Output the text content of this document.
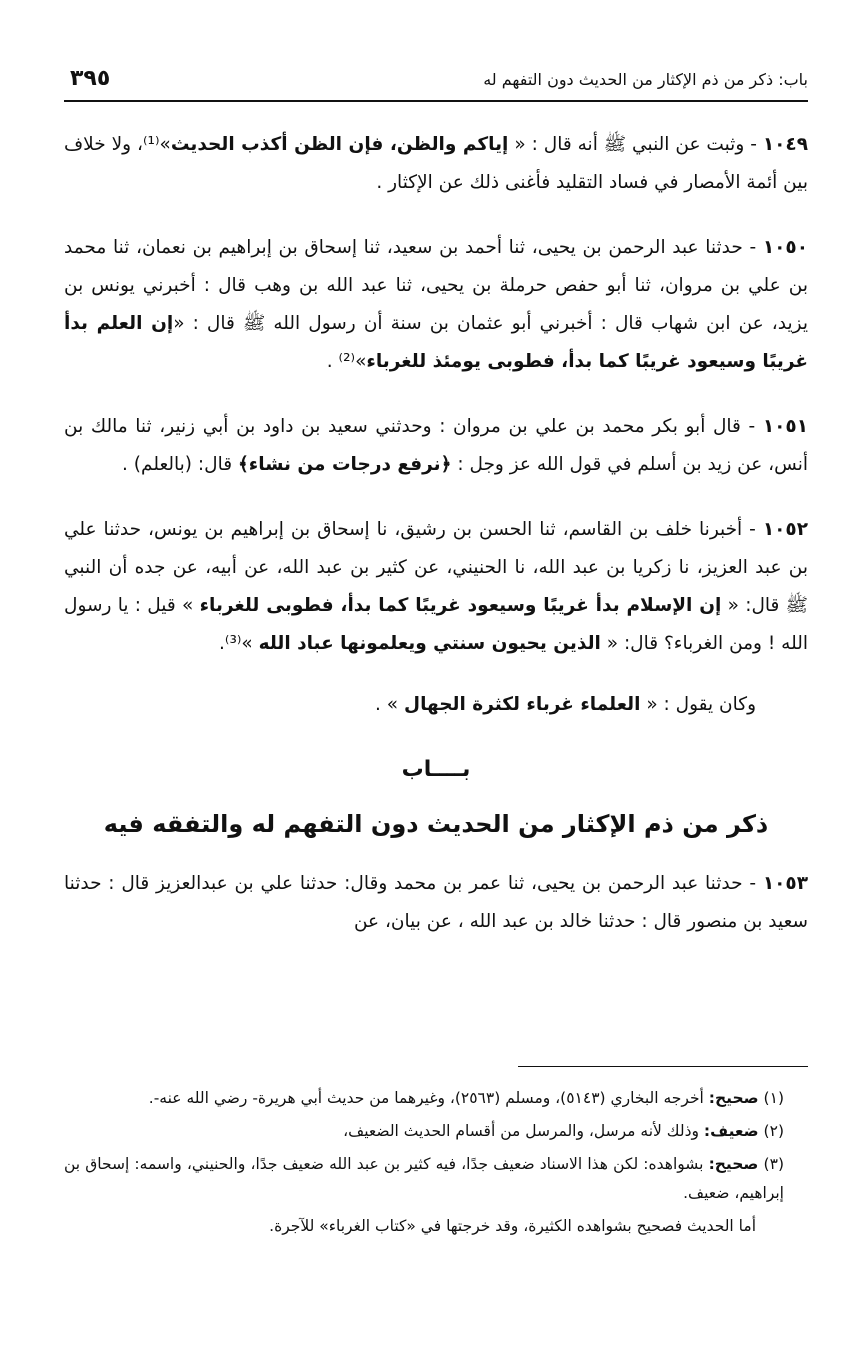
باب: ذكر من ذم الإكثار من الحديث دون التفهم له
٣٩٥

١٠٤٩ - وثبت عن النبي ﷺ أنه قال : « إياكم والظن، فإن الظن أكذب الحديث»⁽¹⁾، ولا خلاف بين أئمة الأمصار في فساد التقليد فأغنى ذلك عن الإكثار .

١٠٥٠ - حدثنا عبد الرحمن بن يحيى، ثنا أحمد بن سعيد، ثنا إسحاق بن إبراهيم بن نعمان، ثنا محمد بن علي بن مروان، ثنا أبو حفص حرملة بن يحيى، ثنا عبد الله بن وهب قال : أخبرني يونس بن يزيد، عن ابن شهاب قال : أخبرني أبو عثمان بن سنة أن رسول الله ﷺ قال : «إن العلم بدأ غريبًا وسيعود غريبًا كما بدأ، فطوبى يومئذ للغرباء»⁽²⁾ .

١٠٥١ - قال أبو بكر محمد بن علي بن مروان : وحدثني سعيد بن داود بن أبي زنير، ثنا مالك بن أنس، عن زيد بن أسلم في قول الله عز وجل : ﴿نرفع درجات من نشاء﴾ قال: (بالعلم) .

١٠٥٢ - أخبرنا خلف بن القاسم، ثنا الحسن بن رشيق، نا إسحاق بن إبراهيم بن يونس، حدثنا علي بن عبد العزيز، نا زكريا بن عبد الله، نا الحنيني، عن كثير بن عبد الله، عن أبيه، عن جده أن النبي ﷺ قال: « إن الإسلام بدأ غريبًا وسيعود غريبًا كما بدأ، فطوبى للغرباء » قيل : يا رسول الله ! ومن الغرباء؟ قال: « الذين يحيون سنتي ويعلمونها عباد الله »⁽³⁾.

وكان يقول : « العلماء غرباء لكثرة الجهال » .

بــــاب
ذكر من ذم الإكثار من الحديث دون التفهم له والتفقه فيه

١٠٥٣ - حدثنا عبد الرحمن بن يحيى، ثنا عمر بن محمد وقال: حدثنا علي بن عبدالعزيز قال : حدثنا سعيد بن منصور قال : حدثنا خالد بن عبد الله ، عن بيان، عن

(١) صحيح: أخرجه البخاري (٥١٤٣)، ومسلم (٢٥٦٣)، وغيرهما من حديث أبي هريرة- رضي الله عنه-.

(٢) ضعيف: وذلك لأنه مرسل، والمرسل من أقسام الحديث الضعيف،

(٣) صحيح: بشواهده: لكن هذا الاسناد ضعيف جدًا، فيه كثير بن عبد الله ضعيف جدًا، والحنيني، واسمه: إسحاق بن إبراهيم، ضعيف.

أما الحديث فصحيح بشواهده الكثيرة، وقد خرجتها في «كتاب الغرباء» للآجرة.
